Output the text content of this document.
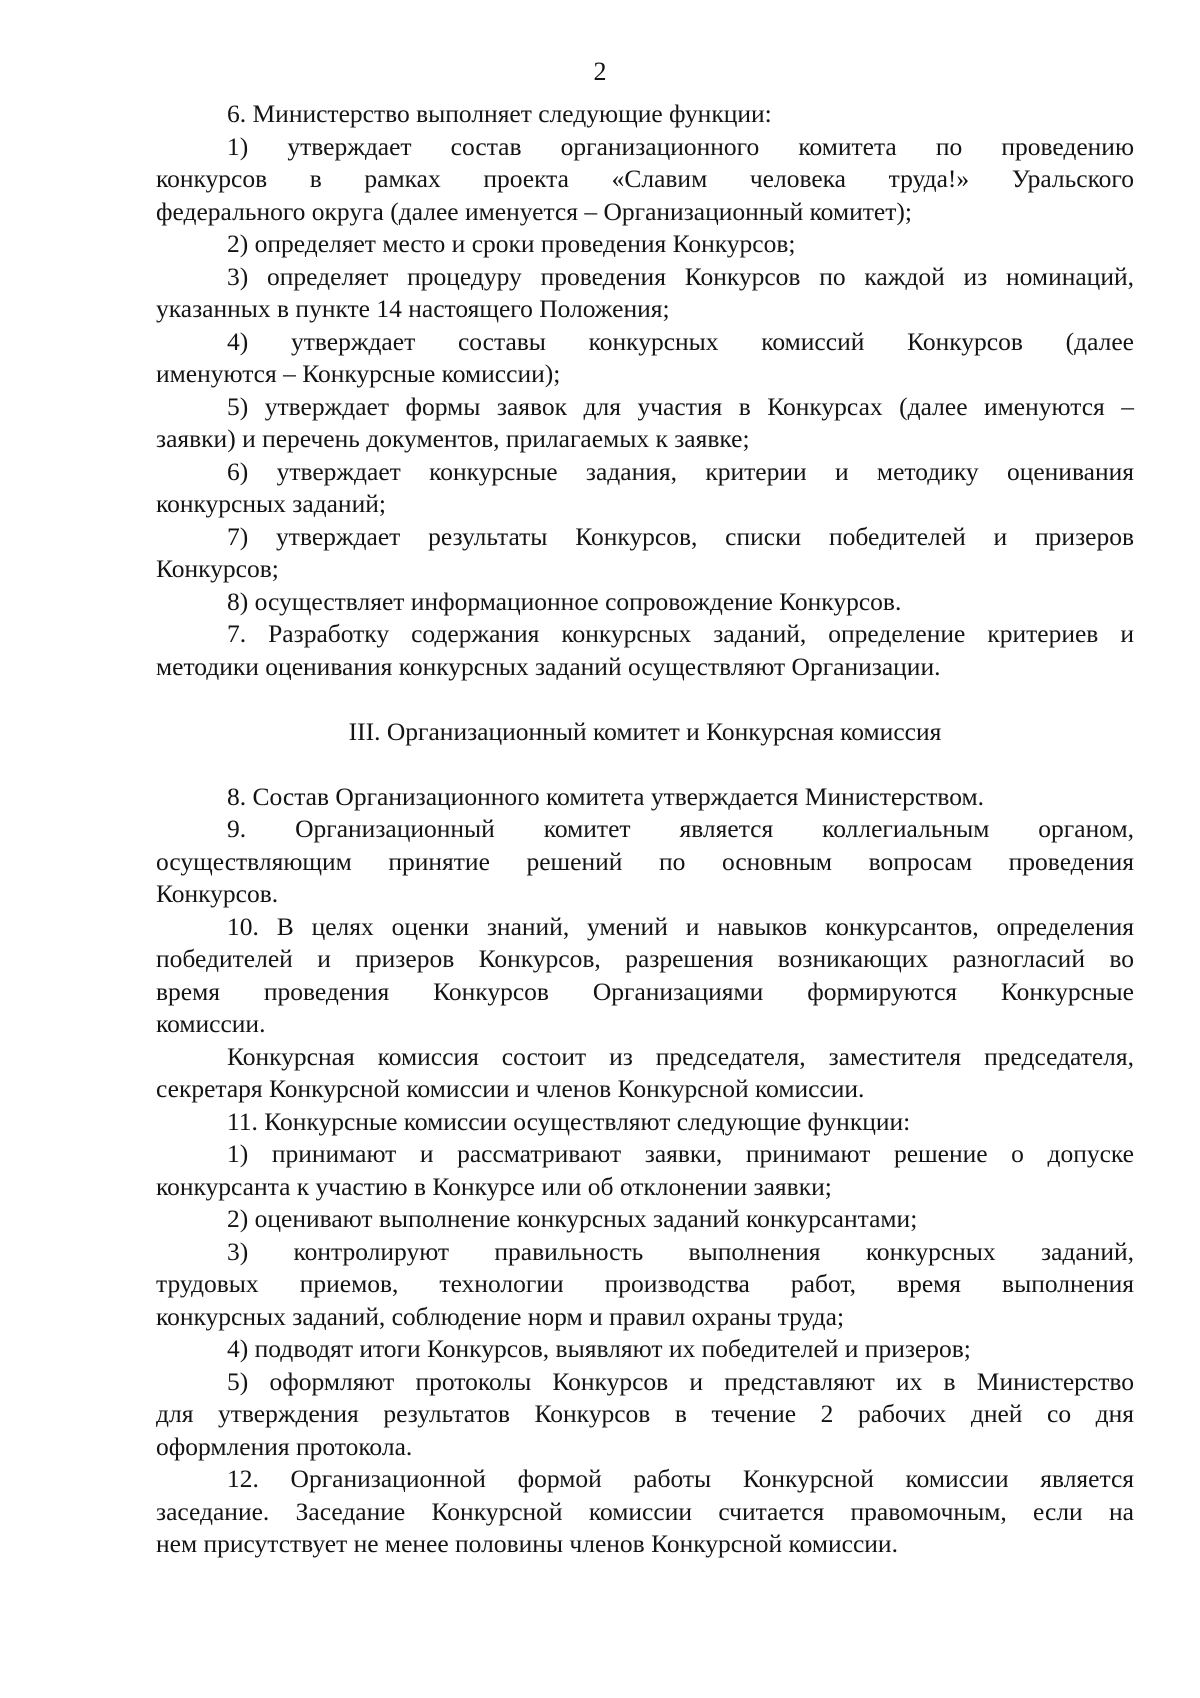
2

6. Министерство выполняет следующие функции:

1) утверждает состав организационного комитета по проведению

конкурсов в рамках проекта «Славим человека труда!» Уральского

федерального округа (далее именуется – Организационный комитет);

2) определяет место и сроки проведения Конкурсов;

3) определяет процедуру проведения Конкурсов по каждой из номинаций,

указанных в пункте 14 настоящего Положения;

4) утверждает составы конкурсных комиссий Конкурсов (далее

именуются – Конкурсные комиссии);

5) утверждает формы заявок для участия в Конкурсах (далее именуются –

заявки) и перечень документов, прилагаемых к заявке;

6) утверждает конкурсные задания, критерии и методику оценивания

конкурсных заданий;

7) утверждает результаты Конкурсов, списки победителей и призеров

Конкурсов;

8) осуществляет информационное сопровождение Конкурсов.

7. Разработку содержания конкурсных заданий, определение критериев и

методики оценивания конкурсных заданий осуществляют Организации.

III. Организационный комитет и Конкурсная комиссия

8. Состав Организационного комитета утверждается Министерством.

9. Организационный комитет является коллегиальным органом,

осуществляющим принятие решений по основным вопросам проведения

Конкурсов.

10. В целях оценки знаний, умений и навыков конкурсантов, определения

победителей и призеров Конкурсов, разрешения возникающих разногласий во

время проведения Конкурсов Организациями формируются Конкурсные

комиссии.

Конкурсная комиссия состоит из председателя, заместителя председателя,

секретаря Конкурсной комиссии и членов Конкурсной комиссии.

11. Конкурсные комиссии осуществляют следующие функции:

1) принимают и рассматривают заявки, принимают решение о допуске

конкурсанта к участию в Конкурсе или об отклонении заявки;

2) оценивают выполнение конкурсных заданий конкурсантами;

3) контролируют правильность выполнения конкурсных заданий,

трудовых приемов, технологии производства работ, время выполнения

конкурсных заданий, соблюдение норм и правил охраны труда;

4) подводят итоги Конкурсов, выявляют их победителей и призеров;

5) оформляют протоколы Конкурсов и представляют их в Министерство

для утверждения результатов Конкурсов в течение 2 рабочих дней со дня

оформления протокола.

12. Организационной формой работы Конкурсной комиссии является

заседание. Заседание Конкурсной комиссии считается правомочным, если на

нем присутствует не менее половины членов Конкурсной комиссии.
